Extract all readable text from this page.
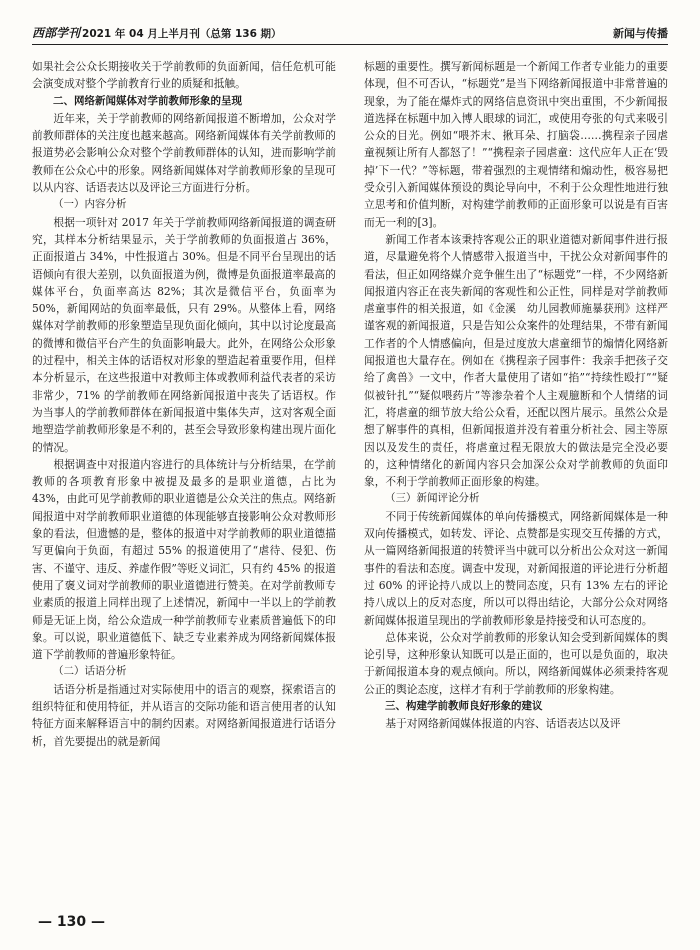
西部学刊 2021 年 04 月上半月刊（总第 136 期）	新闻与传播

如果社会公众长期接收关于学前教师的负面新闻，信任危机可能会演变成对整个学前教育行业的质疑和抵触。

二、网络新闻媒体对学前教师形象的呈现

近年来，关于学前教师的网络新闻报道不断增加，公众对学前教师群体的关注度也越来越高。网络新闻媒体有关学前教师的报道势必会影响公众对整个学前教师群体的认知，进而影响学前教师在公众心中的形象。网络新闻媒体对学前教师形象的呈现可以从内容、话语表达以及评论三方面进行分析。

（一）内容分析

根据一项针对 2017 年关于学前教师网络新闻报道的调查研究，其样本分析结果显示，关于学前教师的负面报道占 36%，正面报道占 34%，中性报道占 30%。但是不同平台呈现出的话语倾向有很大差别，以负面报道为例，微博是负面报道率最高的媒体平台，负面率高达 82%；其次是微信平台，负面率为 50%，新闻网站的负面率最低，只有 29%。从整体上看，网络媒体对学前教师的形象塑造呈现负面化倾向，其中以讨论度最高的微博和微信平台产生的负面影响最大。此外，在网络公众形象的过程中，相关主体的话语权对形象的塑造起着重要作用，但样本分析显示，在这些报道中对教师主体或教师利益代表者的采访非常少，71% 的学前教师在网络新闻报道中丧失了话语权。作为当事人的学前教师群体在新闻报道中集体失声，这对客观全面地塑造学前教师形象是不利的，甚至会导致形象构建出现片面化的情况。

根据调查中对报道内容进行的具体统计与分析结果，在学前教师的各项教育形象中被提及最多的是职业道德，占比为 43%，由此可见学前教师的职业道德是公众关注的焦点。网络新闻报道中对学前教师职业道德的体现能够直接影响公众对教师形象的看法，但遗憾的是，整体的报道中对学前教师的职业道德描写更偏向于负面，有超过 55% 的报道使用了“虐待、侵犯、伤害、不谨守、违反、养虚作假”等贬义词汇，只有约 45% 的报道使用了褒义词对学前教师的职业道德进行赞美。在对学前教师专业素质的报道上同样出现了上述情况，新闻中一半以上的学前教师是无证上岗，给公众造成一种学前教师专业素质普遍低下的印象。可以说，职业道德低下、缺乏专业素养成为网络新闻媒体报道下学前教师的普遍形象特征。

（二）话语分析

话语分析是指通过对实际使用中的语言的观察，探索语言的组织特征和使用特征，并从语言的交际功能和语言使用者的认知特征方面来解释语言中的制约因素。对网络新闻报道进行话语分析，首先要提出的就是新闻

标题的重要性。撰写新闻标题是一个新闻工作者专业能力的重要体现，但不可否认，“标题党”是当下网络新闻报道中非常普遍的现象，为了能在爆炸式的网络信息资讯中突出重围，不少新闻报道选择在标题中加入博人眼球的词汇，或使用夸张的句式来吸引公众的目光。例如“喂芥末、揪耳朵、打脑袋……携程亲子园虐童视频让所有人都怒了！”“携程亲子园虐童：这代应年人正在‘毁掉’下一代？”等标题，带着强烈的主观情绪和煽动性，极容易把受众引入新闻媒体预设的舆论导向中，不利于公众理性地进行独立思考和价值判断，对构建学前教师的正面形象可以说是有百害而无一利的[3]。

新闻工作者本该秉持客观公正的职业道德对新闻事件进行报道，尽量避免将个人情感带入报道当中，干扰公众对新闻事件的看法，但正如网络媒介竞争催生出了“标题党”一样，不少网络新闻报道内容正在丧失新闻的客观性和公正性，同样是对学前教师虐童事件的相关报道，如《金溪　幼儿园教师施暴获刑》这样严谨客观的新闻报道，只是告知公众案件的处理结果，不带有新闻工作者的个人情感偏向，但是过度放大虐童细节的煽情化网络新闻报道也大量存在。例如在《携程亲子园事件：我亲手把孩子交给了禽兽》一文中，作者大量使用了诸如“掐”“持续性殴打”“疑似被针扎”“疑似喂药片”等渗杂着个人主观臆断和个人情绪的词汇，将虐童的细节放大给公众看，还配以图片展示。虽然公众是想了解事件的真相，但新闻报道并没有着重分析社会、园主等原因以及发生的责任，将虐童过程无限放大的做法是完全没必要的，这种情绪化的新闻内容只会加深公众对学前教师的负面印象，不利于学前教师正面形象的构建。

（三）新闻评论分析

不同于传统新闻媒体的单向传播模式，网络新闻媒体是一种双向传播模式，如转发、评论、点赞都是实现交互传播的方式，从一篇网络新闻报道的转赞评当中就可以分析出公众对这一新闻事件的看法和态度。调查中发现，对新闻报道的评论进行分析超过 60% 的评论持八成以上的赞同态度，只有 13% 左右的评论持八成以上的反对态度，所以可以得出结论，大部分公众对网络新闻媒体报道呈现出的学前教师形象是持接受和认可态度的。

总体来说，公众对学前教师的形象认知会受到新闻媒体的舆论引导，这种形象认知既可以是正面的，也可以是负面的，取决于新闻报道本身的观点倾向。所以，网络新闻媒体必须秉持客观公正的舆论态度，这样才有利于学前教师的形象构建。

三、构建学前教师良好形象的建议

基于对网络新闻媒体报道的内容、话语表达以及评

— 130 —
